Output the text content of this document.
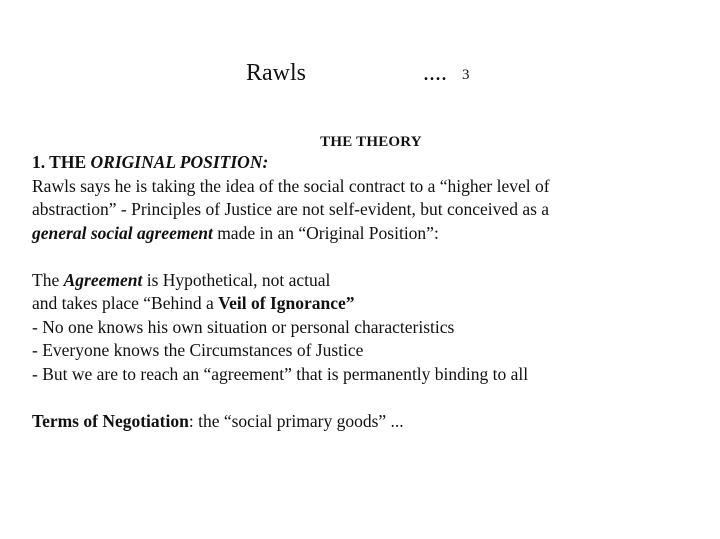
Rawls	.... 3
THE THEORY
1. THE ORIGINAL POSITION:
Rawls says he is taking the idea of the social contract to a “higher level of
abstraction” - Principles of Justice are not self-evident, but conceived as a
general social agreement made in an “Original Position”:
The Agreement is Hypothetical, not actual
and takes place “Behind a Veil of Ignorance”
- No one knows his own situation or personal characteristics
- Everyone knows the Circumstances of Justice
- But we are to reach an “agreement” that is permanently binding to all
Terms of Negotiation: the “social primary goods” ...
